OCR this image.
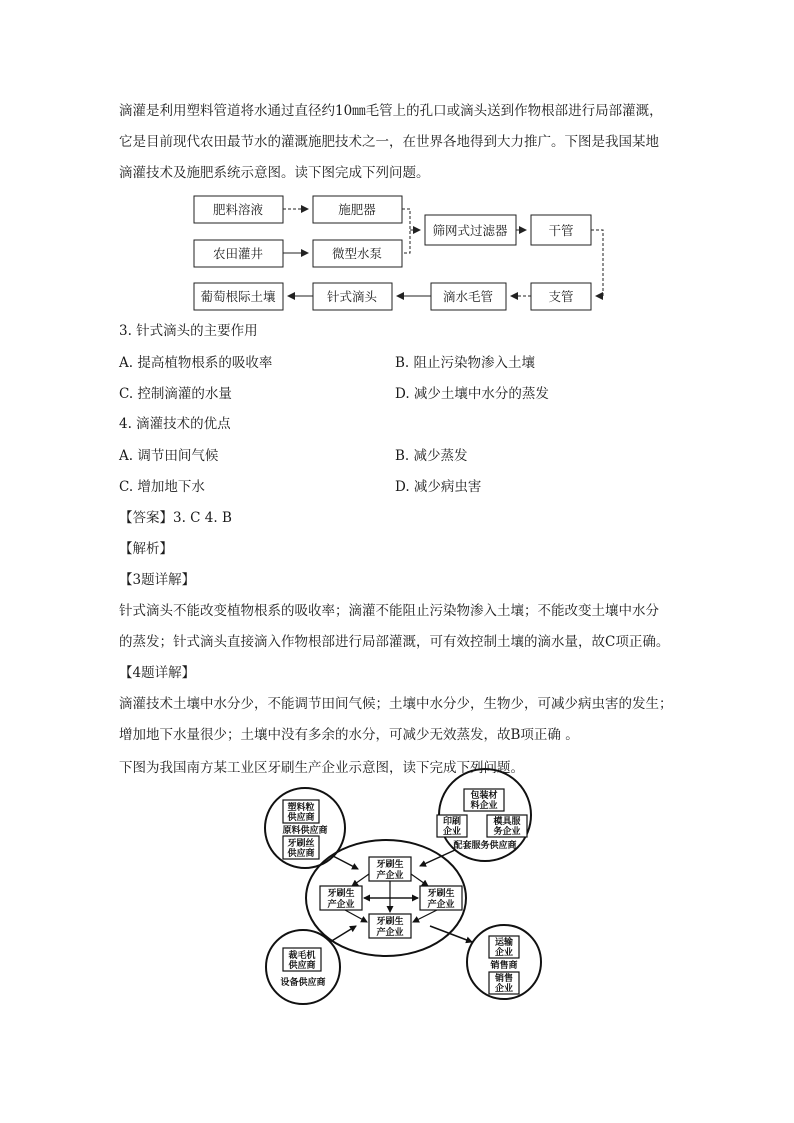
滴灌是利用塑料管道将水通过直径约10㎜毛管上的孔口或滴头送到作物根部进行局部灌溉，
它是目前现代农田最节水的灌溉施肥技术之一，在世界各地得到大力推广。下图是我国某地
滴灌技术及施肥系统示意图。读下图完成下列问题。
肥料溶液	施肥器
农田灌井	微型水泵
筛网式过滤器	干管
支管
滴水毛管
针式滴头
葡萄根际土壤
3. 针式滴头的主要作用
A. 提高植物根系的吸收率	B. 阻止污染物渗入土壤
C. 控制滴灌的水量	D. 减少土壤中水分的蒸发
4. 滴灌技术的优点
A. 调节田间气候	B. 减少蒸发
C. 增加地下水	D. 减少病虫害
【答案】3. C 4. B
【解析】
【3题详解】
针式滴头不能改变植物根系的吸收率；滴灌不能阻止污染物渗入土壤；不能改变土壤中水分
的蒸发；针式滴头直接滴入作物根部进行局部灌溉，可有效控制土壤的滴水量，故C项正确。
【4题详解】
滴灌技术土壤中水分少，不能调节田间气候；土壤中水分少，生物少，可减少病虫害的发生；
增加地下水量很少；土壤中没有多余的水分，可减少无效蒸发，故B项正确 。
下图为我国南方某工业区牙刷生产企业示意图，读下完成下列问题。
牙刷生
产企业
牙刷生
产企业
牙刷生
产企业
牙刷生
产企业
塑料粒
供应商
原料供应商
牙刷丝
供应商
包装材
料企业
印刷
企业
模具服
务企业
配套服务供应商
裁毛机
供应商
设备供应商
运输
企业
销售商
销售
企业
